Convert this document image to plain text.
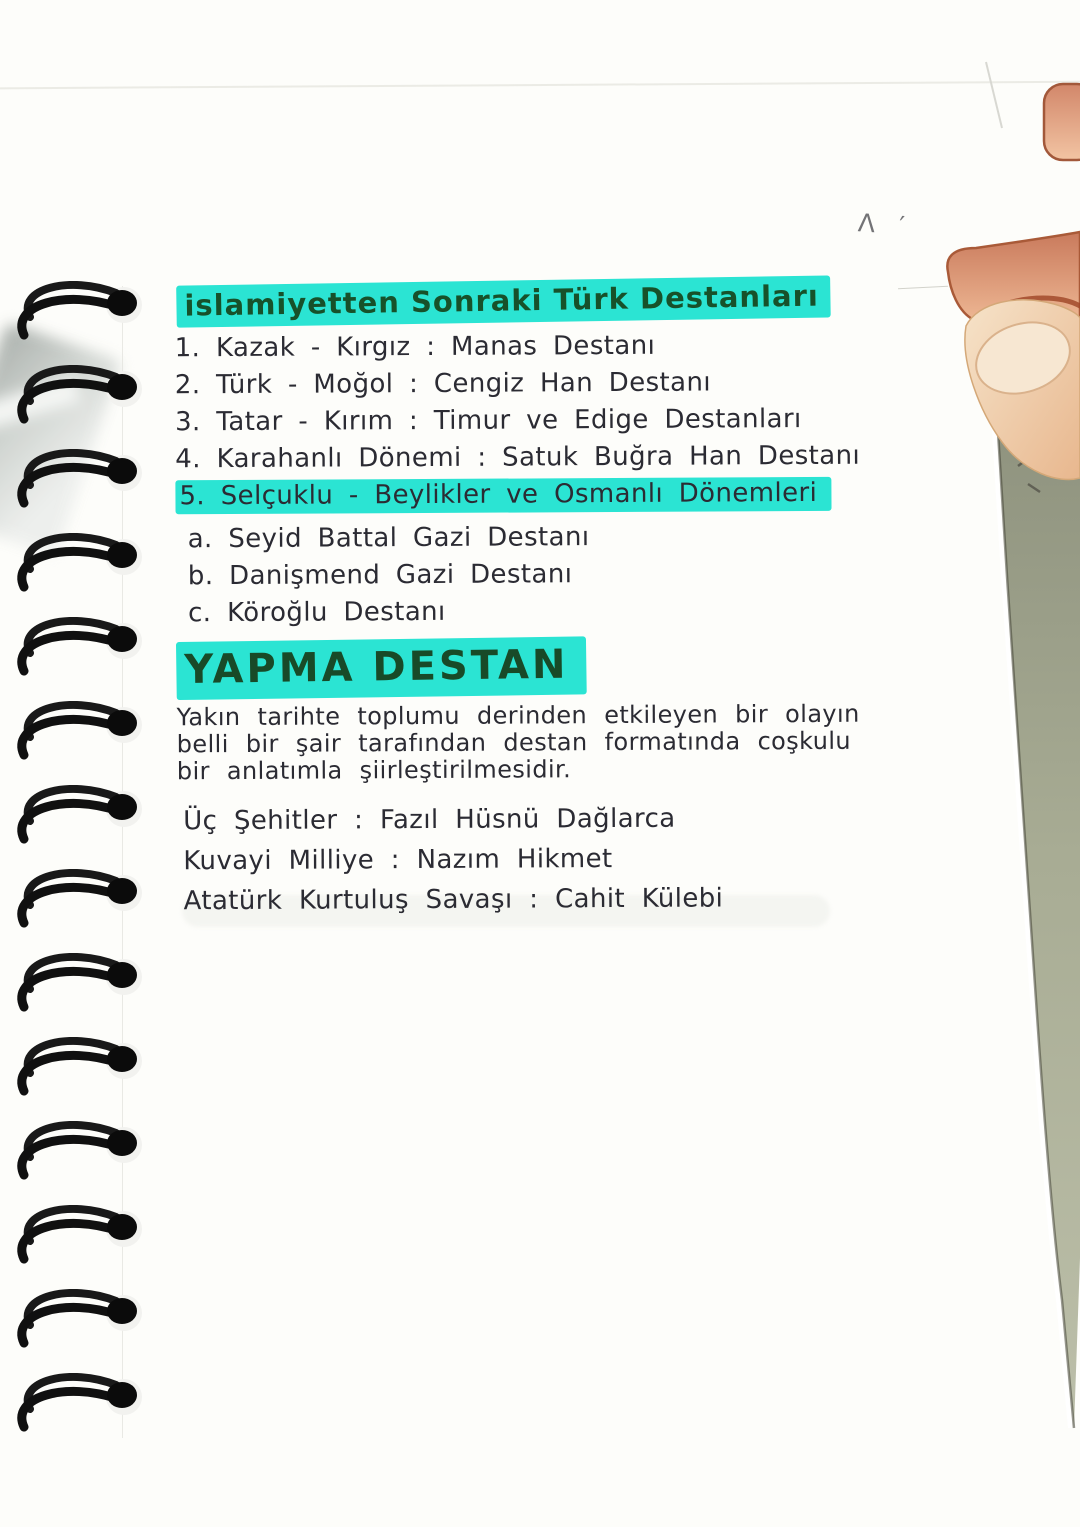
islamiyetten Sonraki Türk Destanları
1. Kazak - Kırgız : Manas Destanı
2. Türk - Moğol : Cengiz Han Destanı
3. Tatar - Kırım : Timur ve Edige Destanları
4. Karahanlı Dönemi : Satuk Buğra Han Destanı
5. Selçuklu - Beylikler ve Osmanlı Dönemleri
a. Seyid Battal Gazi Destanı
b. Danişmend Gazi Destanı
c. Köroğlu Destanı
YAPMA DESTAN
Yakın tarihte toplumu derinden etkileyen bir olayın
belli bir şair tarafından destan formatında coşkulu
bir anlatımla şiirleştirilmesidir.
Üç Şehitler : Fazıl Hüsnü Dağlarca
Kuvayi Milliye : Nazım Hikmet
Atatürk Kurtuluş Savaşı : Cahit Külebi
Λ ′
